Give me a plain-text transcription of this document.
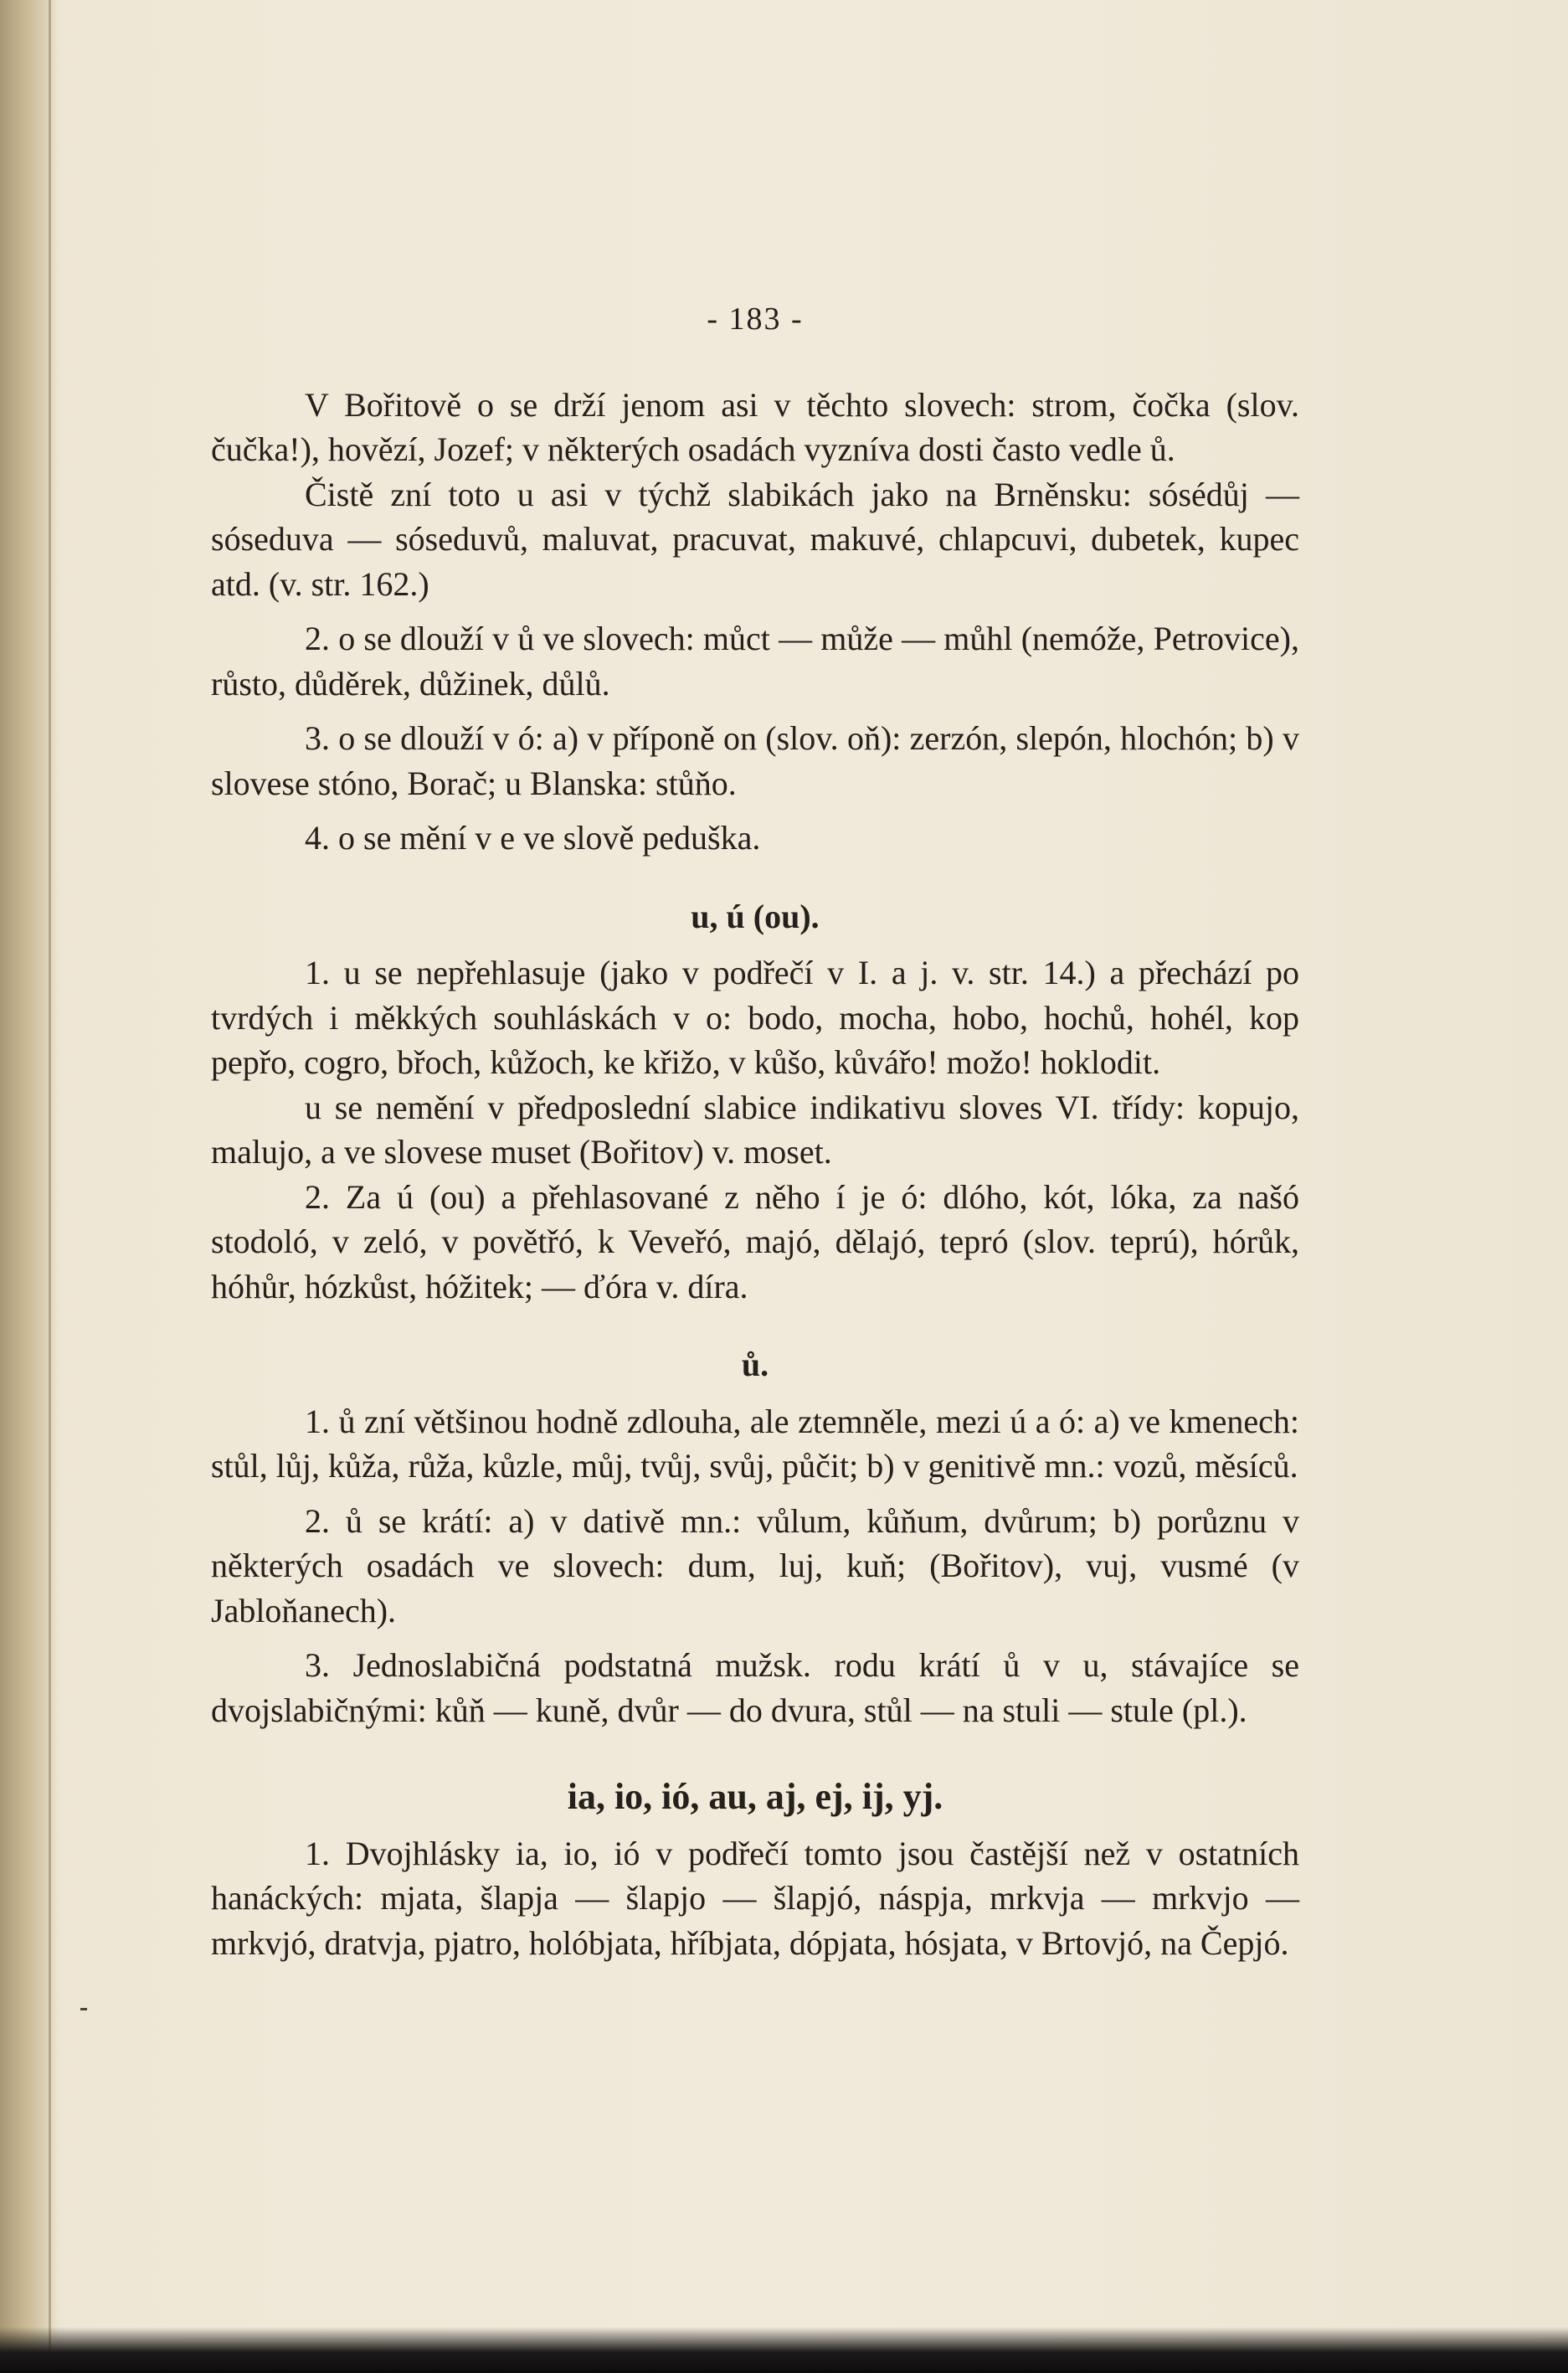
- 183 -

V Bořitově o se drží jenom asi v těchto slovech: strom, čočka (slov. čučka!), hovězí, Jozef; v některých osadách vyzníva dosti často vedle ů.

Čistě zní toto u asi v týchž slabikách jako na Brněnsku: sósédůj — sóseduva — sóseduvů, maluvat, pracuvat, makuvé, chlapcuvi, dubetek, kupec atd. (v. str. 162.)

2. o se dlouží v ů ve slovech: můct — může — můhl (nemóže, Petrovice), růsto, důděrek, důžinek, důlů.

3. o se dlouží v ó: a) v příponě on (slov. oň): zerzón, slepón, hlochón; b) v slovese stóno, Borač; u Blanska: stůňo.

4. o se mění v e ve slově peduška.

u, ú (ou).

1. u se nepřehlasuje (jako v podřečí v I. a j. v. str. 14.) a přechází po tvrdých i měkkých souhláskách v o: bodo, mocha, hobo, hochů, hohél, kop pepřo, cogro, břoch, kůžoch, ke křižo, v kůšo, kůvářo! možo! hoklodit.

u se nemění v předposlední slabice indikativu sloves VI. třídy: kopujo, malujo, a ve slovese muset (Bořitov) v. moset.

2. Za ú (ou) a přehlasované z něho í je ó: dlóho, kót, lóka, za našó stodoló, v zeló, v povětřó, k Veveřó, majó, dělajó, tepró (slov. teprú), hórůk, hóhůr, hózkůst, hóžitek; — ďóra v. díra.

ů.

1. ů zní většinou hodně zdlouha, ale ztemněle, mezi ú a ó: a) ve kmenech: stůl, lůj, kůža, růža, kůzle, můj, tvůj, svůj, půčit; b) v genitivě mn.: vozů, měsíců.

2. ů se krátí: a) v dativě mn.: vůlum, kůňum, dvůrum; b) porůznu v některých osadách ve slovech: dum, luj, kuň; (Bořitov), vuj, vusmé (v Jabloňanech).

3. Jednoslabičná podstatná mužsk. rodu krátí ů v u, stávajíce se dvojslabičnými: kůň — kuně, dvůr — do dvura, stůl — na stuli — stule (pl.).

ia, io, ió, au, aj, ej, ij, yj.

1. Dvojhlásky ia, io, ió v podřečí tomto jsou častější než v ostatních hanáckých: mjata, šlapja — šlapjo — šlapjó, náspja, mrkvja — mrkvjo — mrkvjó, dratvja, pjatro, holóbjata, hříbjata, dópjata, hósjata, v Brtovjó, na Čepjó.
